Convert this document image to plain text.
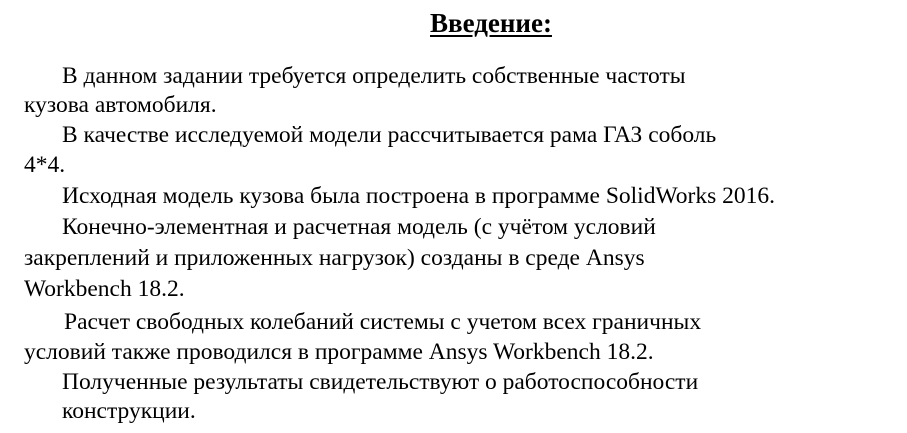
Введение:

В данном задании требуется определить собственные частоты

кузова автомобиля.

В качестве исследуемой модели рассчитывается рама ГАЗ соболь

4*4.

Исходная модель кузова была построена в программе SolidWorks 2016.

Конечно-элементная и расчетная модель (с учётом условий

закреплений и приложенных нагрузок) созданы в среде Ansys

Workbench 18.2.

Расчет свободных колебаний системы с учетом всех граничных

условий также проводился в программе Ansys Workbench 18.2.

Полученные результаты свидетельствуют о работоспособности

конструкции.
